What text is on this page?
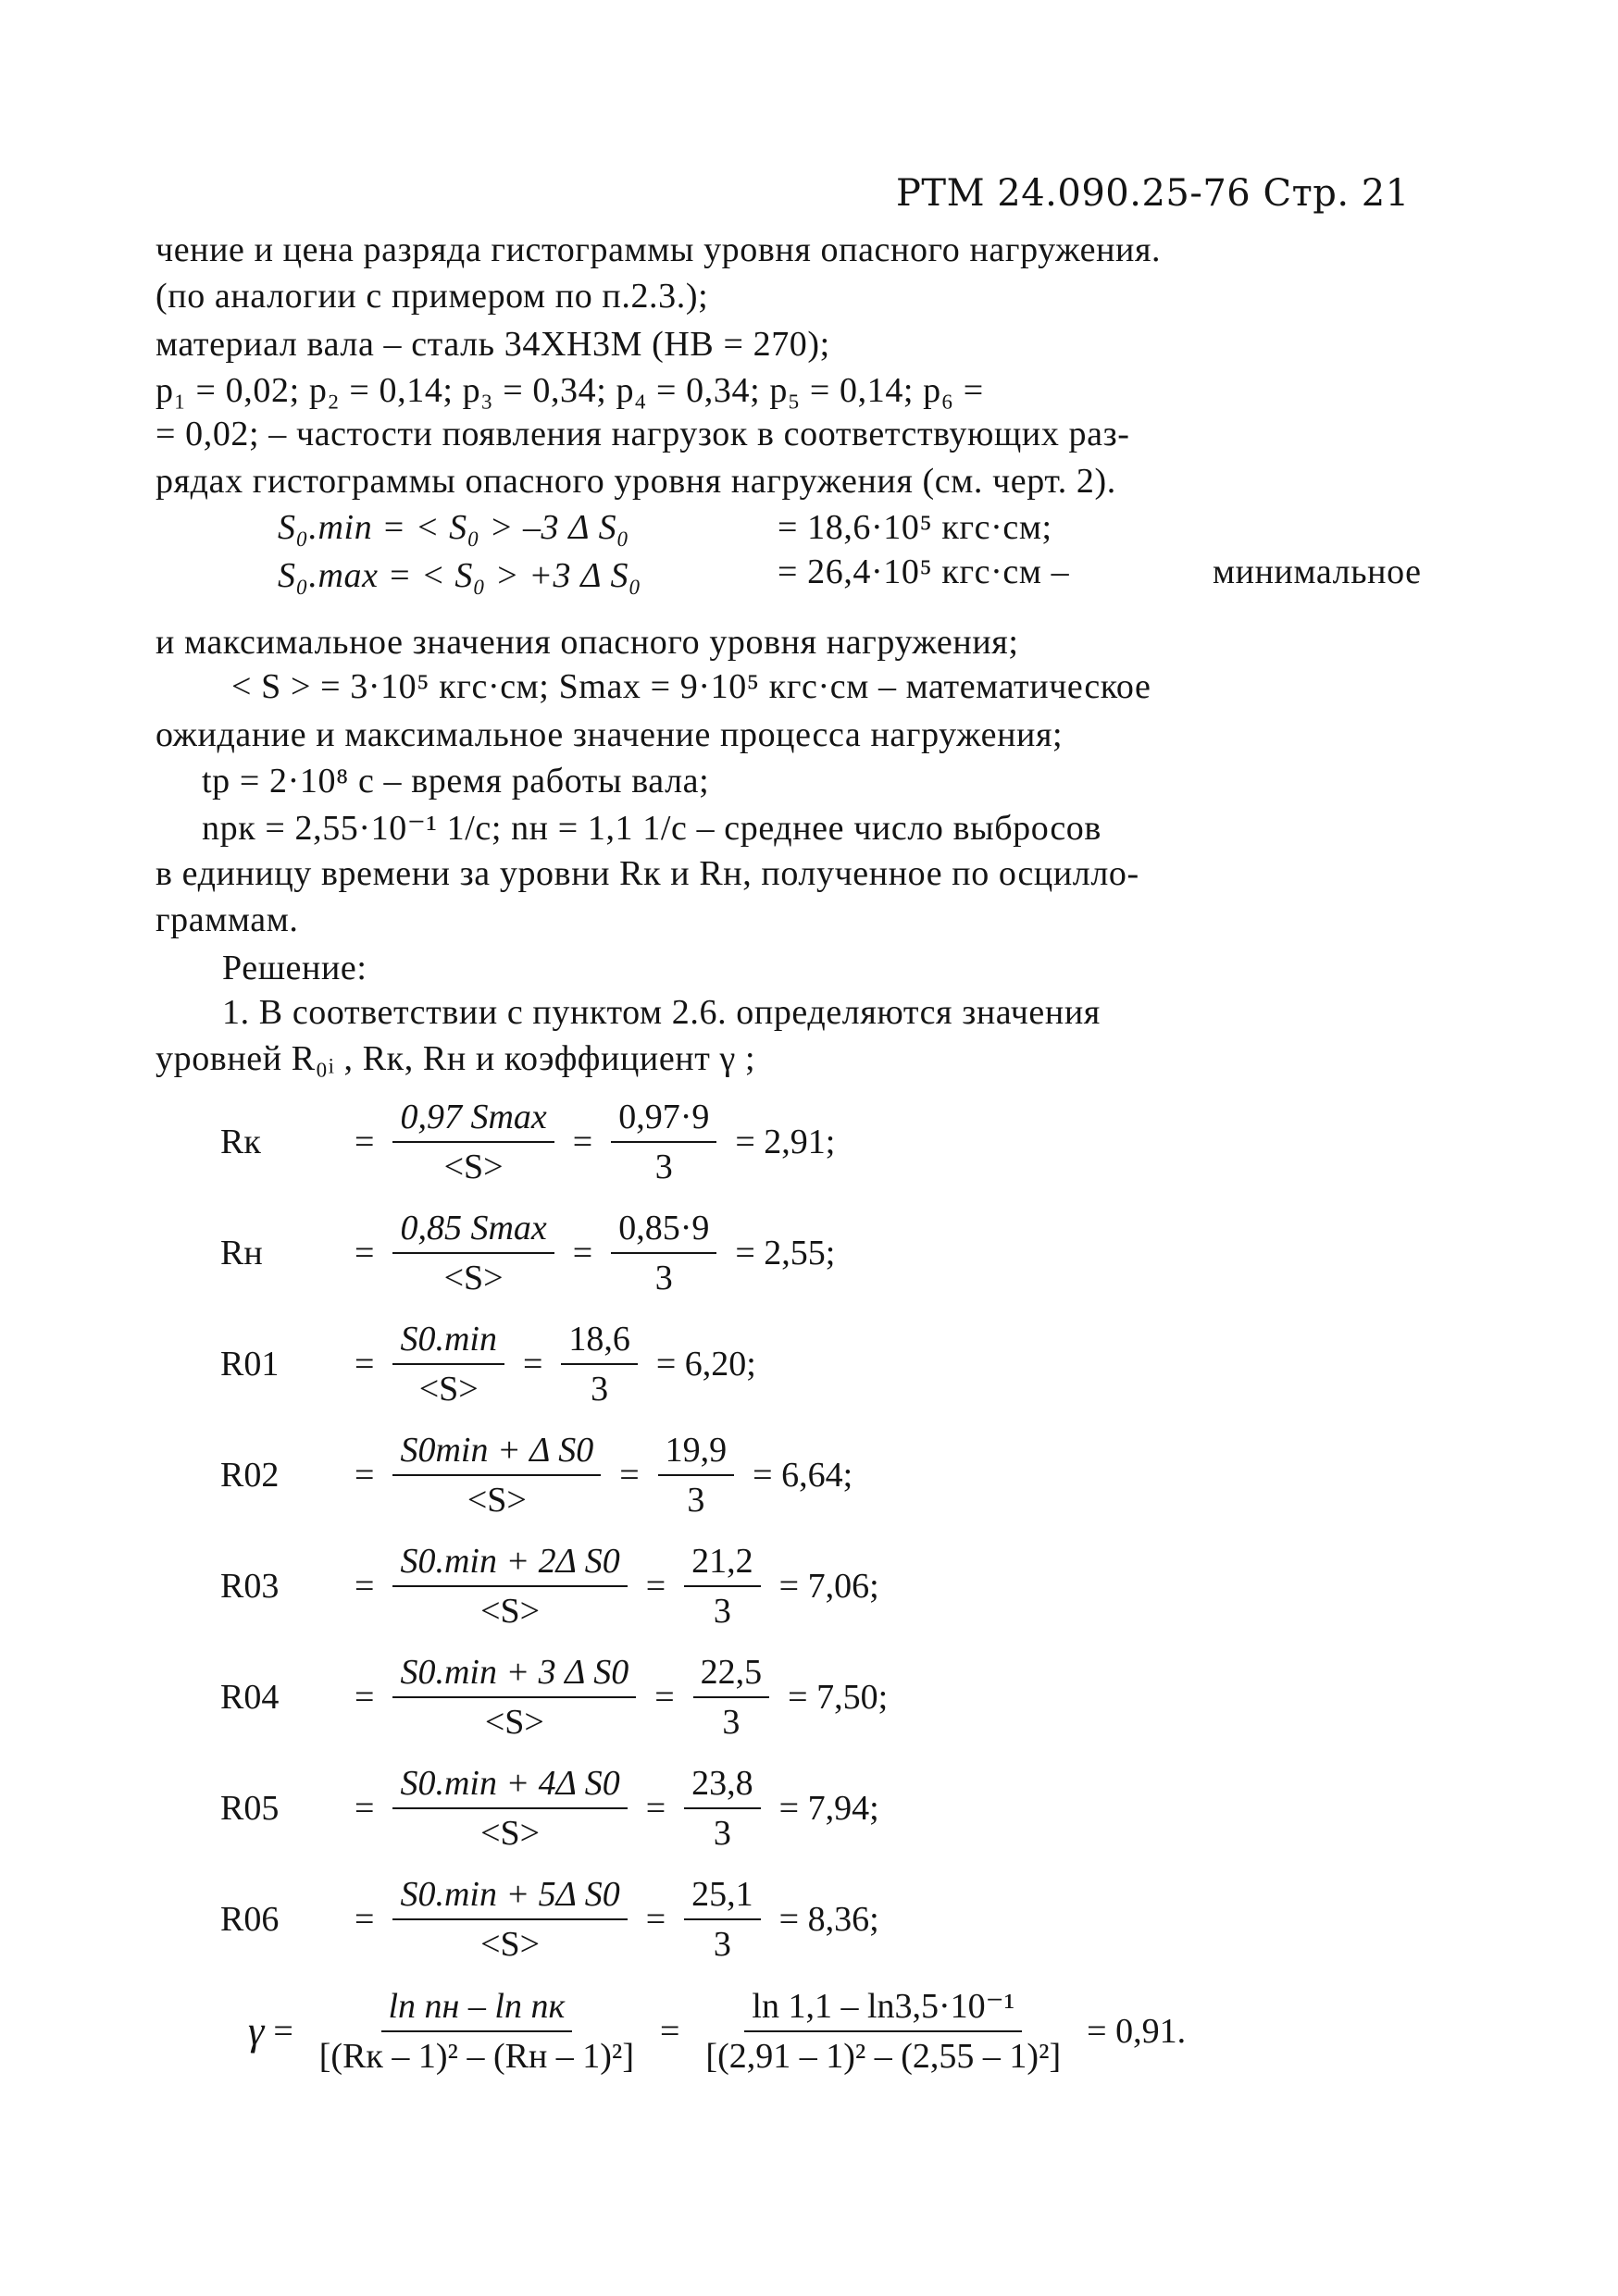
РТМ 24.090.25-76 Стр. 21
чение и цена разряда гистограммы уровня опасного нагружения.
(по аналогии с примером по п.2.3.);
материал вала – сталь 34ХН3М (НВ = 270);
p₁ = 0,02; p₂ = 0,14; p₃ = 0,34; p₄ = 0,34; p₅ = 0,14; p₆ =
= 0,02; – частости появления нагрузок в соответствующих раз-
рядах гистограммы опасного уровня нагружения (см. черт. 2).
S₀.min = < S₀ > –3 Δ S₀	= 18,6·10⁵ кгс·см;
S₀.max = < S₀ > +3 Δ S₀	= 26,4·10⁵ кгс·см –	минимальное
и максимальное значения опасного уровня нагружения;
< S > = 3·10⁵ кгс·см; Smax = 9·10⁵ кгс·см – математическое
ожидание и максимальное значение процесса нагружения;
tр = 2·10⁸ с – время работы вала;
nрк = 2,55·10⁻¹ 1/с; nн = 1,1 1/с – среднее число выбросов
в единицу времени за уровни Rк и Rн, полученное по осцилло-
граммам.
Решение:
1. В соответствии с пунктом 2.6. определяются значения
уровней R₀ᵢ , Rк, Rн и коэффициент γ ;
Rк	= $\frac{0,97 Smax}{<S>} = \frac{0,97\cdot 9}{3} = 2,91$;
Rн	= $\frac{0,85 Smax}{<S>} = \frac{0,85\cdot 9}{3} = 2,55$;
R01	= $\frac{S0.\min}{<S>} = \frac{18,6}{3} = 6,20$;
R02	= $\frac{\text{S0min + Δ S0}}{<S>} = \frac{19,9}{3} = 6,64$;
R03	= $\frac{\text{S0.min + 2Δ S0}}{<S>} = \frac{21,2}{3} = 7,06$;
R04	= $\frac{\text{S0.min + 3 Δ S0}}{<S>} = \frac{22,5}{3} = 7,50$;
R05	= $\frac{\text{S0.min + 4Δ S0}}{<S>} = \frac{23,8}{3} = 7,94$;
R06	= $\frac{\text{S0.min + 5Δ S0}}{<S>} = \frac{25,1}{3} = 8,36$;
$\gamma = \frac{\text{ln nн – ln nк}}{\text{[(Rк – 1)² – (Rн – 1)²]}} = \frac{\text{ln 1,1 – ln3,5·10⁻¹}}{\text{[(2,91 – 1)² – (2,55 – 1)²]}} = 0,91$.
